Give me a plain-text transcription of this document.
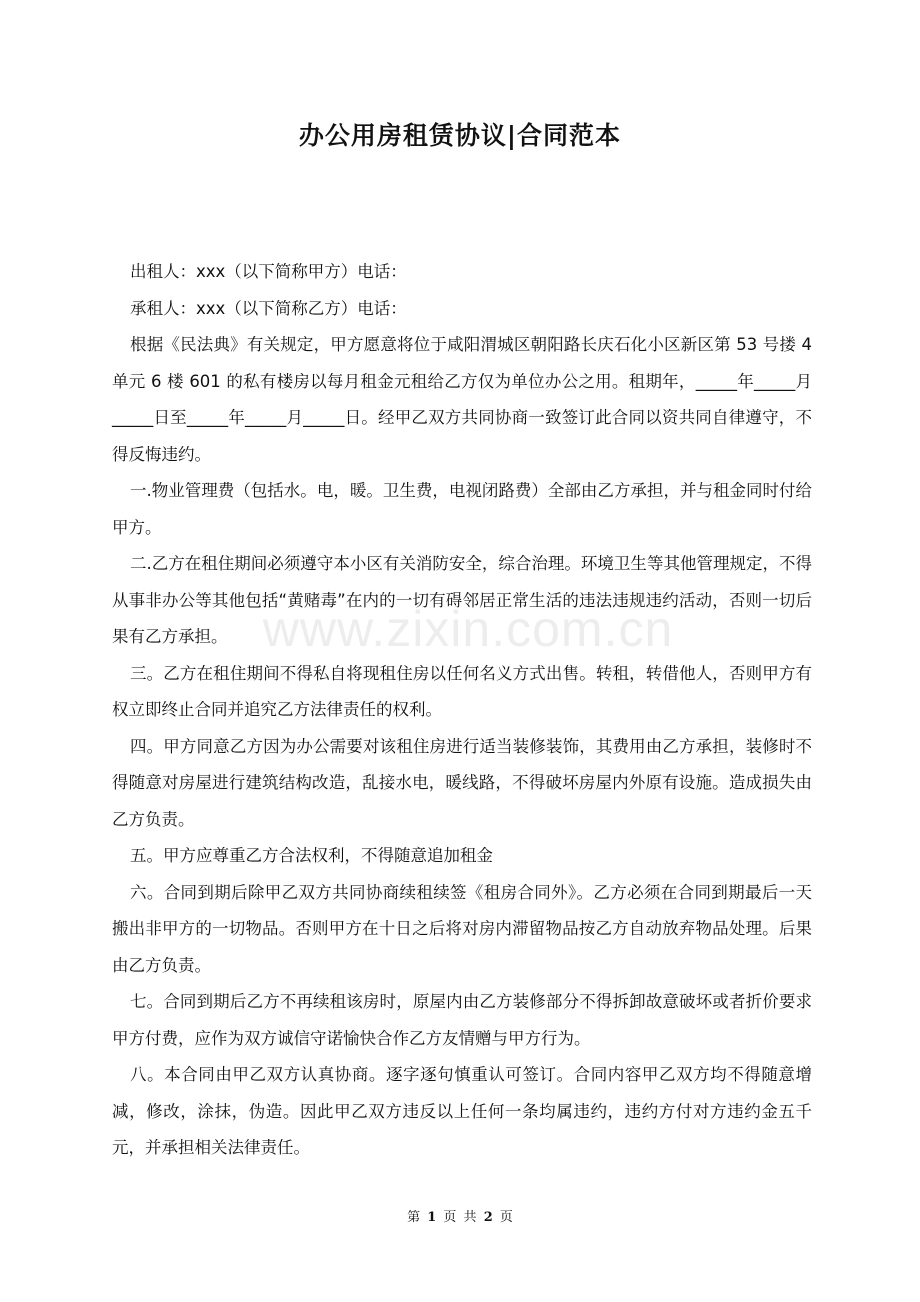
办公用房租赁协议|合同范本

出租人：xxx（以下简称甲方）电话：

承租人：xxx（以下简称乙方）电话：

根据《民法典》有关规定，甲方愿意将位于咸阳渭城区朝阳路长庆石化小区新区第 53 号搂 4 单元 6 楼 601 的私有楼房以每月租金元租给乙方仅为单位办公之用。租期年，_____年_____月_____日至_____年_____月_____日。经甲乙双方共同协商一致签订此合同以资共同自律遵守，不得反悔违约。

一.物业管理费（包括水。电，暖。卫生费，电视闭路费）全部由乙方承担，并与租金同时付给甲方。

二.乙方在租住期间必须遵守本小区有关消防安全，综合治理。环境卫生等其他管理规定，不得从事非办公等其他包括“黄赌毒”在内的一切有碍邻居正常生活的违法违规违约活动，否则一切后果有乙方承担。

三。乙方在租住期间不得私自将现租住房以任何名义方式出售。转租，转借他人，否则甲方有权立即终止合同并追究乙方法律责任的权利。

四。甲方同意乙方因为办公需要对该租住房进行适当装修装饰，其费用由乙方承担，装修时不得随意对房屋进行建筑结构改造，乱接水电，暖线路，不得破坏房屋内外原有设施。造成损失由乙方负责。

五。甲方应尊重乙方合法权利，不得随意追加租金

六。合同到期后除甲乙双方共同协商续租续签《租房合同外》。乙方必须在合同到期最后一天搬出非甲方的一切物品。否则甲方在十日之后将对房内滞留物品按乙方自动放弃物品处理。后果由乙方负责。

七。合同到期后乙方不再续租该房时，原屋内由乙方装修部分不得拆卸故意破坏或者折价要求甲方付费，应作为双方诚信守诺愉快合作乙方友情赠与甲方行为。

八。本合同由甲乙双方认真协商。逐字逐句慎重认可签订。合同内容甲乙双方均不得随意增减，修改，涂抹，伪造。因此甲乙双方违反以上任何一条均属违约，违约方付对方违约金五千元，并承担相关法律责任。

www.zixin.com.cn
第 1 页 共 2 页
